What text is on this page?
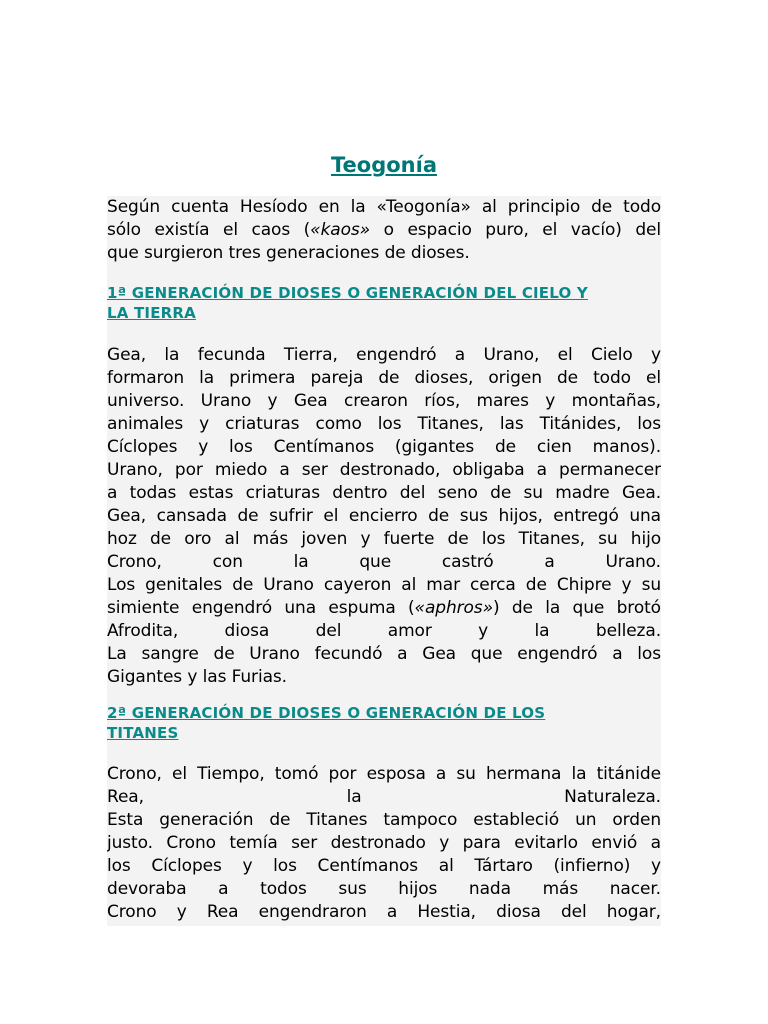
Teogonía

Según cuenta Hesíodo en la «Teogonía» al principio de todo
sólo existía el caos («kaos» o espacio puro, el vacío) del
que surgieron tres generaciones de dioses.

1ª GENERACIÓN DE DIOSES O GENERACIÓN DEL CIELO Y
LA TIERRA

Gea, la fecunda Tierra, engendró a Urano, el Cielo y
formaron la primera pareja de dioses, origen de todo el
universo. Urano y Gea crearon ríos, mares y montañas,
animales y criaturas como los Titanes, las Titánides, los
Cíclopes y los Centímanos (gigantes de cien manos).
Urano, por miedo a ser destronado, obligaba a permanecer
a todas estas criaturas dentro del seno de su madre Gea.
Gea, cansada de sufrir el encierro de sus hijos, entregó una
hoz de oro al más joven y fuerte de los Titanes, su hijo
Crono, con la que castró a Urano.
Los genitales de Urano cayeron al mar cerca de Chipre y su
simiente engendró una espuma («aphros») de la que brotó
Afrodita, diosa del amor y la belleza.
La sangre de Urano fecundó a Gea que engendró a los
Gigantes y las Furias.

2ª GENERACIÓN DE DIOSES O GENERACIÓN DE LOS
TITANES

Crono, el Tiempo, tomó por esposa a su hermana la titánide
Rea, la Naturaleza.
Esta generación de Titanes tampoco estableció un orden
justo. Crono temía ser destronado y para evitarlo envió a
los Cíclopes y los Centímanos al Tártaro (infierno) y
devoraba a todos sus hijos nada más nacer.
Crono y Rea engendraron a Hestia, diosa del hogar,
